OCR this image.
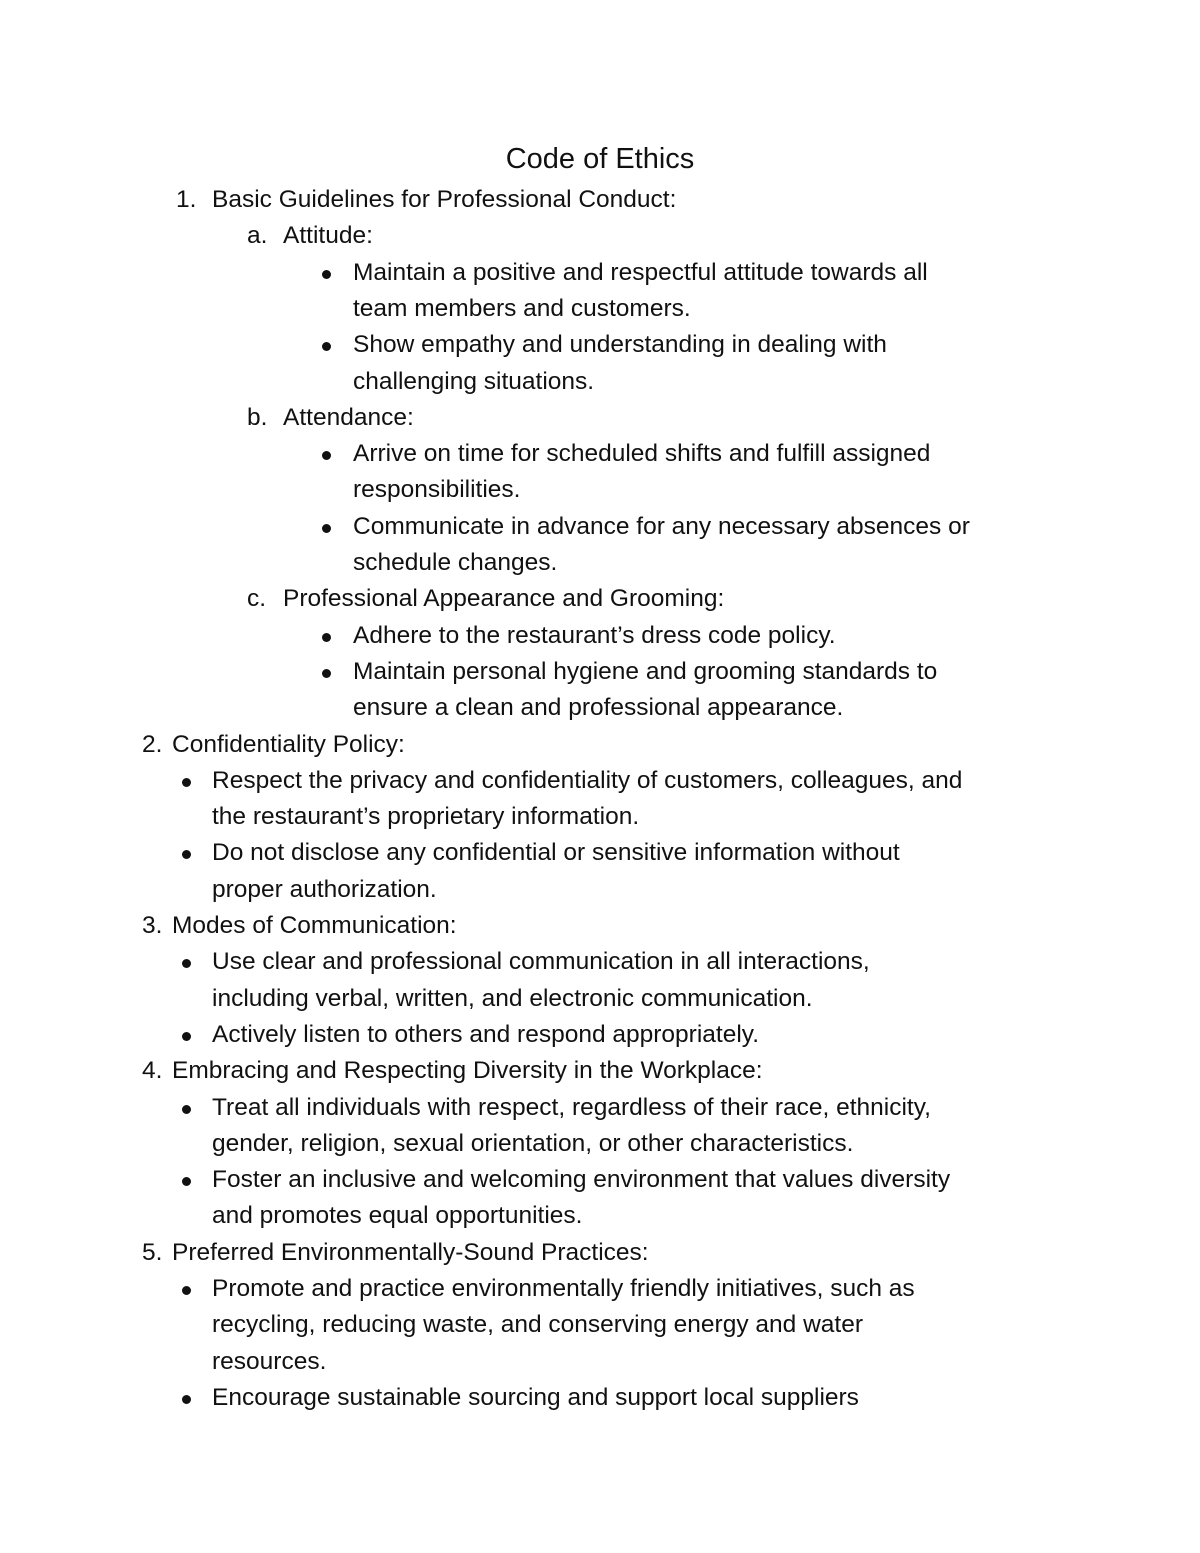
Code of Ethics
1. Basic Guidelines for Professional Conduct:
a. Attitude:
Maintain a positive and respectful attitude towards all
team members and customers.
Show empathy and understanding in dealing with
challenging situations.
b. Attendance:
Arrive on time for scheduled shifts and fulfill assigned
responsibilities.
Communicate in advance for any necessary absences or
schedule changes.
c. Professional Appearance and Grooming:
Adhere to the restaurant’s dress code policy.
Maintain personal hygiene and grooming standards to
ensure a clean and professional appearance.
2. Confidentiality Policy:
Respect the privacy and confidentiality of customers, colleagues, and
the restaurant’s proprietary information.
Do not disclose any confidential or sensitive information without
proper authorization.
3. Modes of Communication:
Use clear and professional communication in all interactions,
including verbal, written, and electronic communication.
Actively listen to others and respond appropriately.
4. Embracing and Respecting Diversity in the Workplace:
Treat all individuals with respect, regardless of their race, ethnicity,
gender, religion, sexual orientation, or other characteristics.
Foster an inclusive and welcoming environment that values diversity
and promotes equal opportunities.
5. Preferred Environmentally-Sound Practices:
Promote and practice environmentally friendly initiatives, such as
recycling, reducing waste, and conserving energy and water
resources.
Encourage sustainable sourcing and support local suppliers
